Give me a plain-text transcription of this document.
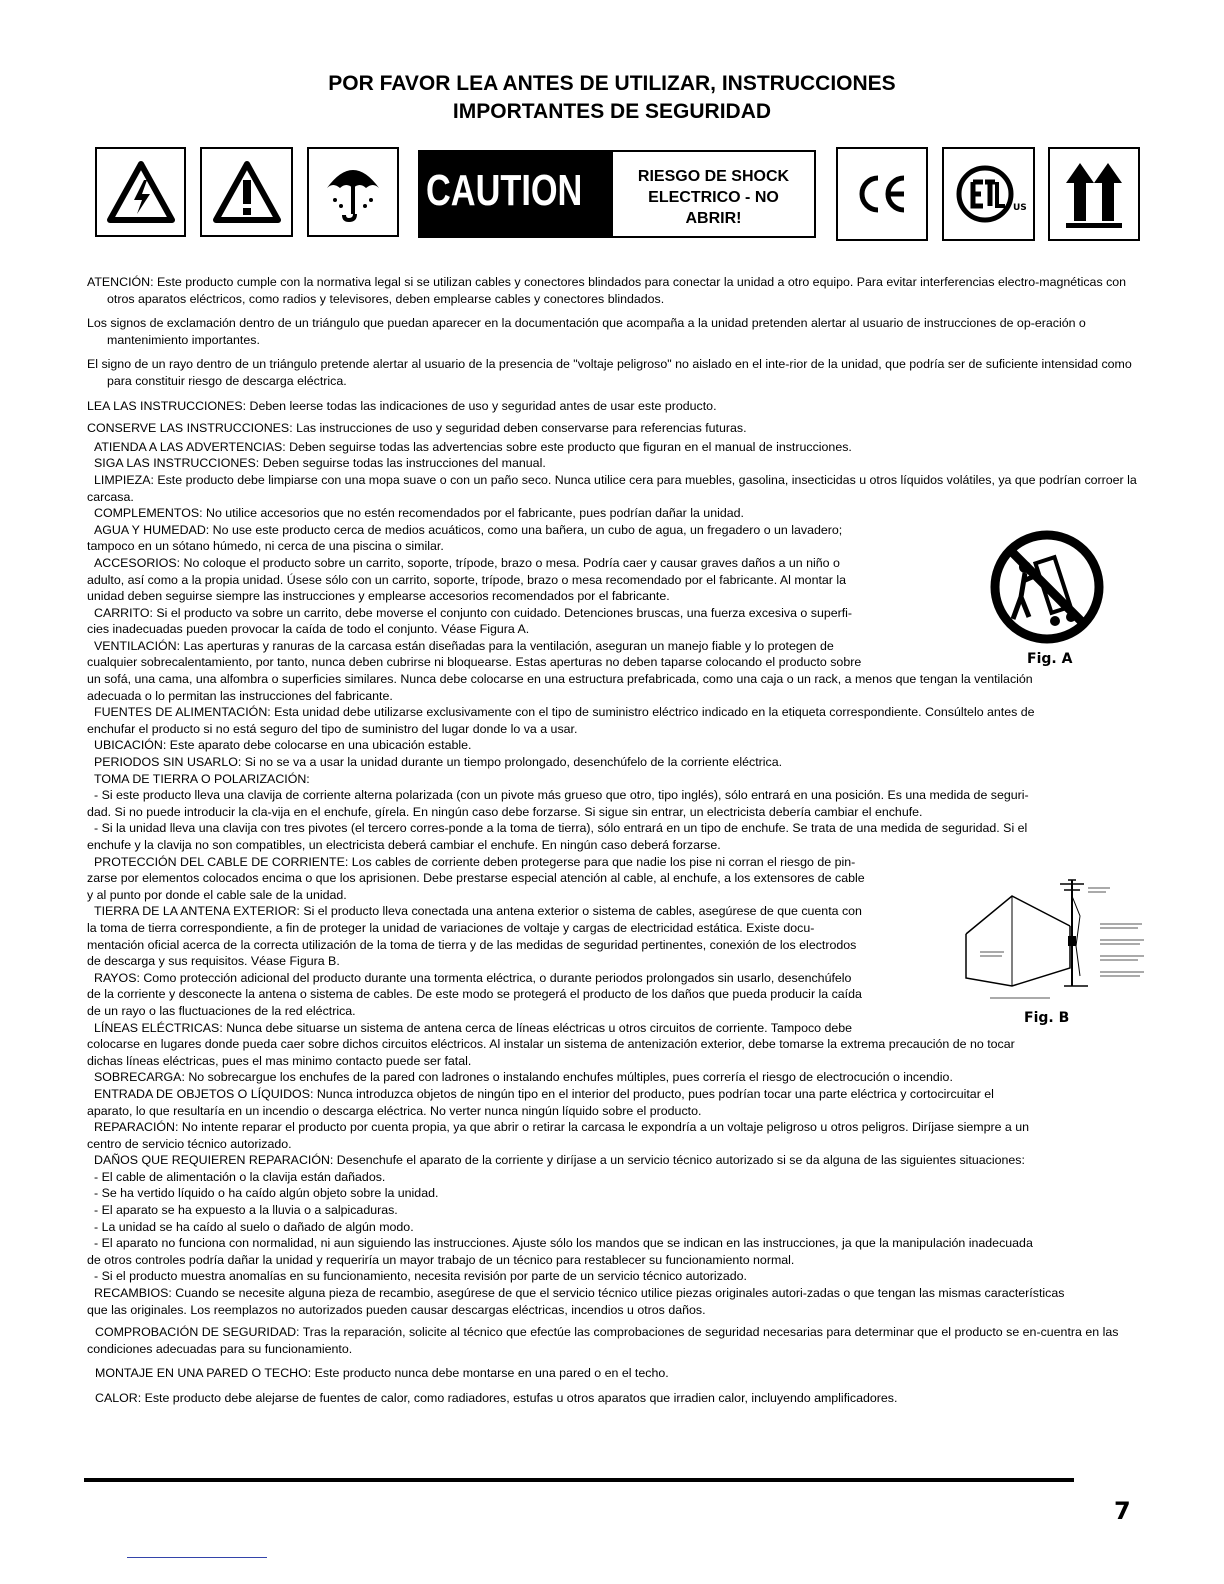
POR FAVOR LEA ANTES DE UTILIZAR, INSTRUCCIONES
IMPORTANTES DE SEGURIDAD
CAUTION	RIESGO DE SHOCK
ELECTRICO - NO
ABRIR!
US

ATENCIÓN: Este producto cumple con la normativa legal si se utilizan cables y conectores blindados para conectar la unidad a otro equipo. Para evitar interferencias electro-magnéticas con otros aparatos eléctricos, como radios y televisores, deben emplearse cables y conectores blindados.

Los signos de exclamación dentro de un triángulo que puedan aparecer en la documentación que acompaña a la unidad pretenden alertar al usuario de instrucciones de op-eración o mantenimiento importantes.

El signo de un rayo dentro de un triángulo pretende alertar al usuario de la presencia de "voltaje peligroso" no aislado en el inte-rior de la unidad, que podría ser de suficiente intensidad como para constituir riesgo de descarga eléctrica.

LEA LAS INSTRUCCIONES: Deben leerse todas las indicaciones de uso y seguridad antes de usar este producto.

CONSERVE LAS INSTRUCCIONES: Las instrucciones de uso y seguridad deben conservarse para referencias futuras.

ATIENDA A LAS ADVERTENCIAS: Deben seguirse todas las advertencias sobre este producto que figuran en el manual de instrucciones.

SIGA LAS INSTRUCCIONES: Deben seguirse todas las instrucciones del manual.

LIMPIEZA: Este producto debe limpiarse con una mopa suave o con un paño seco. Nunca utilice cera para muebles, gasolina, insecticidas u otros líquidos volátiles, ya que podrían corroer la carcasa.

COMPLEMENTOS: No utilice accesorios que no estén recomendados por el fabricante, pues podrían dañar la unidad.

AGUA Y HUMEDAD: No use este producto cerca de medios acuáticos, como una bañera, un cubo de agua, un fregadero o un lavadero;
tampoco en un sótano húmedo, ni cerca de una piscina o similar.

ACCESORIOS: No coloque el producto sobre un carrito, soporte, trípode, brazo o mesa. Podría caer y causar graves daños a un niño o
adulto, así como a la propia unidad. Úsese sólo con un carrito, soporte, trípode, brazo o mesa recomendado por el fabricante. Al montar la
unidad deben seguirse siempre las instrucciones y emplearse accesorios recomendados por el fabricante.

CARRITO: Si el producto va sobre un carrito, debe moverse el conjunto con cuidado. Detenciones bruscas, una fuerza excesiva o superfi-
cies inadecuadas pueden provocar la caída de todo el conjunto. Véase Figura A.

VENTILACIÓN: Las aperturas y ranuras de la carcasa están diseñadas para la ventilación, aseguran un manejo fiable y lo protegen de
cualquier sobrecalentamiento, por tanto, nunca deben cubrirse ni bloquearse. Estas aperturas no deben taparse colocando el producto sobre
un sofá, una cama, una alfombra o superficies similares. Nunca debe colocarse en una estructura prefabricada, como una caja o un rack, a menos que tengan la ventilación
adecuada o lo permitan las instrucciones del fabricante.

FUENTES DE ALIMENTACIÓN: Esta unidad debe utilizarse exclusivamente con el tipo de suministro eléctrico indicado en la etiqueta correspondiente. Consúltelo antes de
enchufar el producto si no está seguro del tipo de suministro del lugar donde lo va a usar.

UBICACIÓN: Este aparato debe colocarse en una ubicación estable.

PERIODOS SIN USARLO: Si no se va a usar la unidad durante un tiempo prolongado, desenchúfelo de la corriente eléctrica.

TOMA DE TIERRA O POLARIZACIÓN:

- Si este producto lleva una clavija de corriente alterna polarizada (con un pivote más grueso que otro, tipo inglés), sólo entrará en una posición. Es una medida de seguri-
dad. Si no puede introducir la cla-vija en el enchufe, gírela. En ningún caso debe forzarse. Si sigue sin entrar, un electricista debería cambiar el enchufe.

- Si la unidad lleva una clavija con tres pivotes (el tercero corres-ponde a la toma de tierra), sólo entrará en un tipo de enchufe. Se trata de una medida de seguridad. Si el
enchufe y la clavija no son compatibles, un electricista deberá cambiar el enchufe. En ningún caso deberá forzarse.

PROTECCIÓN DEL CABLE DE CORRIENTE: Los cables de corriente deben protegerse para que nadie los pise ni corran el riesgo de pin-
zarse por elementos colocados encima o que los aprisionen. Debe prestarse especial atención al cable, al enchufe, a los extensores de cable
y al punto por donde el cable sale de la unidad.

TIERRA DE LA ANTENA EXTERIOR: Si el producto lleva conectada una antena exterior o sistema de cables, asegúrese de que cuenta con
la toma de tierra correspondiente, a fin de proteger la unidad de variaciones de voltaje y cargas de electricidad estática. Existe docu-
mentación oficial acerca de la correcta utilización de la toma de tierra y de las medidas de seguridad pertinentes, conexión de los electrodos
de descarga y sus requisitos. Véase Figura B.

RAYOS: Como protección adicional del producto durante una tormenta eléctrica, o durante periodos prolongados sin usarlo, desenchúfelo
de la corriente y desconecte la antena o sistema de cables. De este modo se protegerá el producto de los daños que pueda producir la caída
de un rayo o las fluctuaciones de la red eléctrica.

LÍNEAS ELÉCTRICAS: Nunca debe situarse un sistema de antena cerca de líneas eléctricas u otros circuitos de corriente. Tampoco debe
colocarse en lugares donde pueda caer sobre dichos circuitos eléctricos. Al instalar un sistema de antenización exterior, debe tomarse la extrema precaución de no tocar
dichas líneas eléctricas, pues el mas minimo contacto puede ser fatal.

SOBRECARGA: No sobrecargue los enchufes de la pared con ladrones o instalando enchufes múltiples, pues correría el riesgo de electrocución o incendio.

ENTRADA DE OBJETOS O LÍQUIDOS: Nunca introduzca objetos de ningún tipo en el interior del producto, pues podrían tocar una parte eléctrica y cortocircuitar el
aparato, lo que resultaría en un incendio o descarga eléctrica. No verter nunca ningún líquido sobre el producto.

REPARACIÓN: No intente reparar el producto por cuenta propia, ya que abrir o retirar la carcasa le expondría a un voltaje peligroso u otros peligros. Diríjase siempre a un
centro de servicio técnico autorizado.

DAÑOS QUE REQUIEREN REPARACIÓN: Desenchufe el aparato de la corriente y diríjase a un servicio técnico autorizado si se da alguna de las siguientes situaciones:

- El cable de alimentación o la clavija están dañados.

- Se ha vertido líquido o ha caído algún objeto sobre la unidad.

- El aparato se ha expuesto a la lluvia o a salpicaduras.

- La unidad se ha caído al suelo o dañado de algún modo.

- El aparato no funciona con normalidad, ni aun siguiendo las instrucciones. Ajuste sólo los mandos que se indican en las instrucciones, ja que la manipulación inadecuada
de otros controles podría dañar la unidad y requeriría un mayor trabajo de un técnico para restablecer su funcionamiento normal.

- Si el producto muestra anomalías en su funcionamiento, necesita revisión por parte de un servicio técnico autorizado.

RECAMBIOS: Cuando se necesite alguna pieza de recambio, asegúrese de que el servicio técnico utilice piezas originales autori-zadas o que tengan las mismas características
que las originales. Los reemplazos no autorizados pueden causar descargas eléctricas, incendios u otros daños.

COMPROBACIÓN DE SEGURIDAD: Tras la reparación, solicite al técnico que efectúe las comprobaciones de seguridad necesarias para determinar que el producto se en-cuentra en las condiciones adecuadas para su funcionamiento.

MONTAJE EN UNA PARED O TECHO: Este producto nunca debe montarse en una pared o en el techo.

CALOR: Este producto debe alejarse de fuentes de calor, como radiadores, estufas u otros aparatos que irradien calor, incluyendo amplificadores.

Fig. A
Fig. B
7
